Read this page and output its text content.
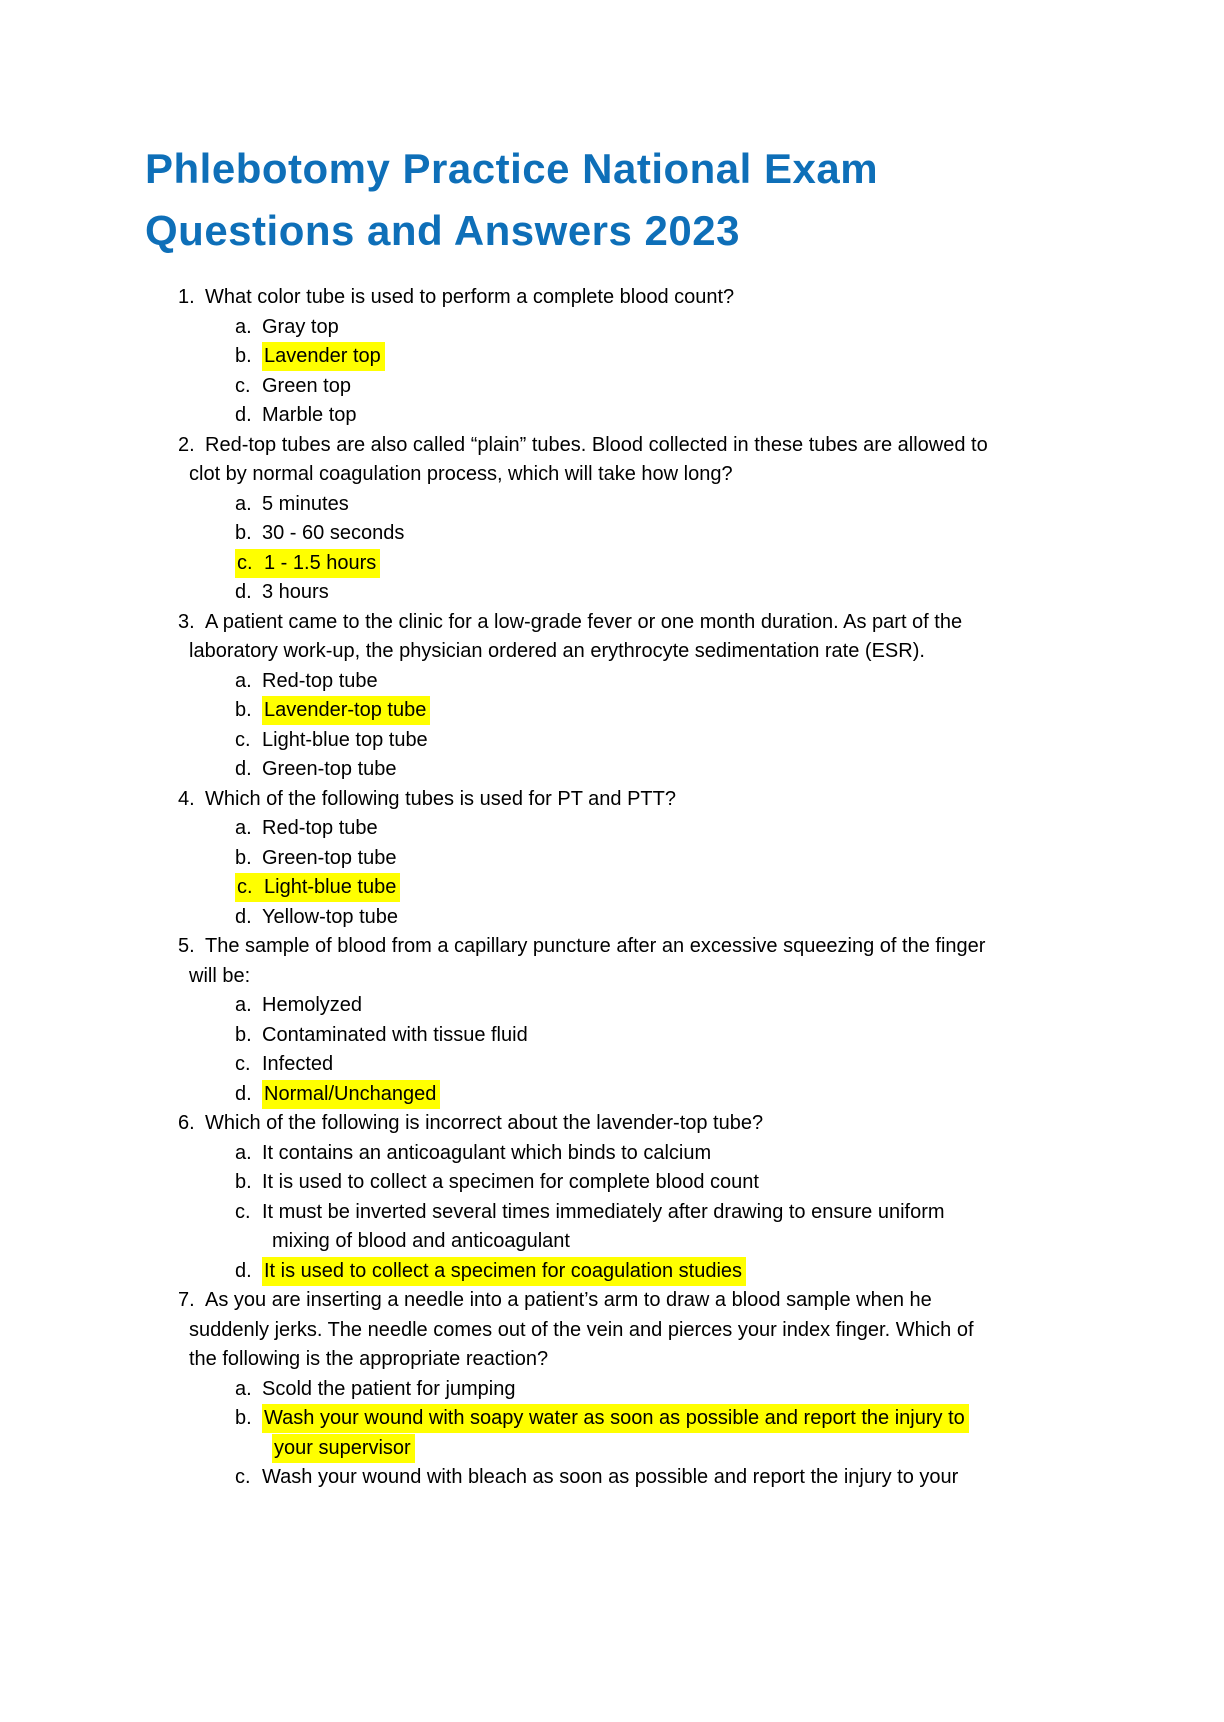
Phlebotomy Practice National Exam Questions and Answers 2023
1. What color tube is used to perform a complete blood count?
a. Gray top
b. Lavender top
c. Green top
d. Marble top
2. Red-top tubes are also called “plain” tubes. Blood collected in these tubes are allowed to
clot by normal coagulation process, which will take how long?
a. 5 minutes
b. 30 - 60 seconds
c. 1 - 1.5 hours
d. 3 hours
3. A patient came to the clinic for a low-grade fever or one month duration. As part of the
laboratory work-up, the physician ordered an erythrocyte sedimentation rate (ESR).
a. Red-top tube
b. Lavender-top tube
c. Light-blue top tube
d. Green-top tube
4. Which of the following tubes is used for PT and PTT?
a. Red-top tube
b. Green-top tube
c. Light-blue tube
d. Yellow-top tube
5. The sample of blood from a capillary puncture after an excessive squeezing of the finger
will be:
a. Hemolyzed
b. Contaminated with tissue fluid
c. Infected
d. Normal/Unchanged
6. Which of the following is incorrect about the lavender-top tube?
a. It contains an anticoagulant which binds to calcium
b. It is used to collect a specimen for complete blood count
c. It must be inverted several times immediately after drawing to ensure uniform
mixing of blood and anticoagulant
d. It is used to collect a specimen for coagulation studies
7. As you are inserting a needle into a patient’s arm to draw a blood sample when he
suddenly jerks. The needle comes out of the vein and pierces your index finger. Which of
the following is the appropriate reaction?
a. Scold the patient for jumping
b. Wash your wound with soapy water as soon as possible and report the injury to
your supervisor
c. Wash your wound with bleach as soon as possible and report the injury to your
